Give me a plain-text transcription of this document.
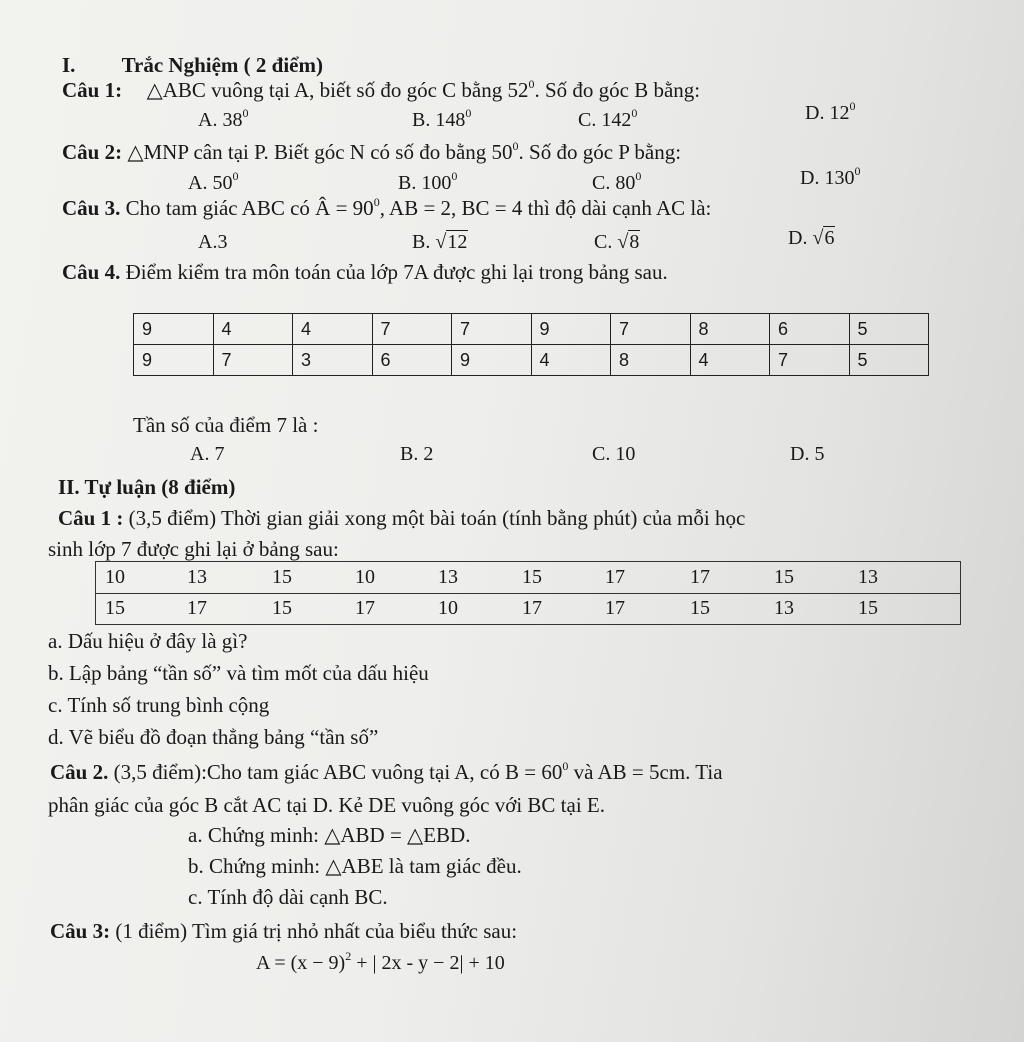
I. Trắc Nghiệm ( 2 điểm)
Câu 1: △ABC vuông tại A, biết số đo góc C bằng $52^0$. Số đo góc B bằng:
A. $38^0$	B. $148^0$	C. $142^0$	D. $12^0$
Câu 2: △MNP cân tại P. Biết góc N có số đo bằng $50^0$. Số đo góc P bằng:
A. $50^0$	B. $100^0$	C. $80^0$	D. $130^0$
Câu 3. Cho tam giác ABC có Â = $90^0$, AB = 2, BC = 4 thì độ dài cạnh AC là:
A.3	B. √12	C. √8	D. √6
Câu 4. Điểm kiểm tra môn toán của lớp 7A được ghi lại trong bảng sau.
9	4	4	7	7	9	7	8	6	5
9	7	3	6	9	4	8	4	7	5
Tần số của điểm 7 là :
A. 7	B. 2	C. 10	D. 5
II. Tự luận (8 điểm)
Câu 1 : (3,5 điểm) Thời gian giải xong một bài toán (tính bằng phút) của mỗi học
sinh lớp 7 được ghi lại ở bảng sau:
10	13	15	10	13	15	17	17	15	13
15	17	15	17	10	17	17	15	13	15
a. Dấu hiệu ở đây là gì?
b. Lập bảng “tần số” và tìm mốt của dấu hiệu
c. Tính số trung bình cộng
d. Vẽ biểu đồ đoạn thẳng bảng “tần số”
Câu 2. (3,5 điểm):Cho tam giác ABC vuông tại A, có $B = 60^0$ và AB = 5cm. Tia
phân giác của góc B cắt AC tại D. Kẻ DE vuông góc với BC tại E.
a. Chứng minh: △ABD = △EBD.
b. Chứng minh: △ABE là tam giác đều.
c. Tính độ dài cạnh BC.
Câu 3: (1 điểm) Tìm giá trị nhỏ nhất của biểu thức sau:
$A = (x - 9)^2$ + | 2x - y − 2| + 10
